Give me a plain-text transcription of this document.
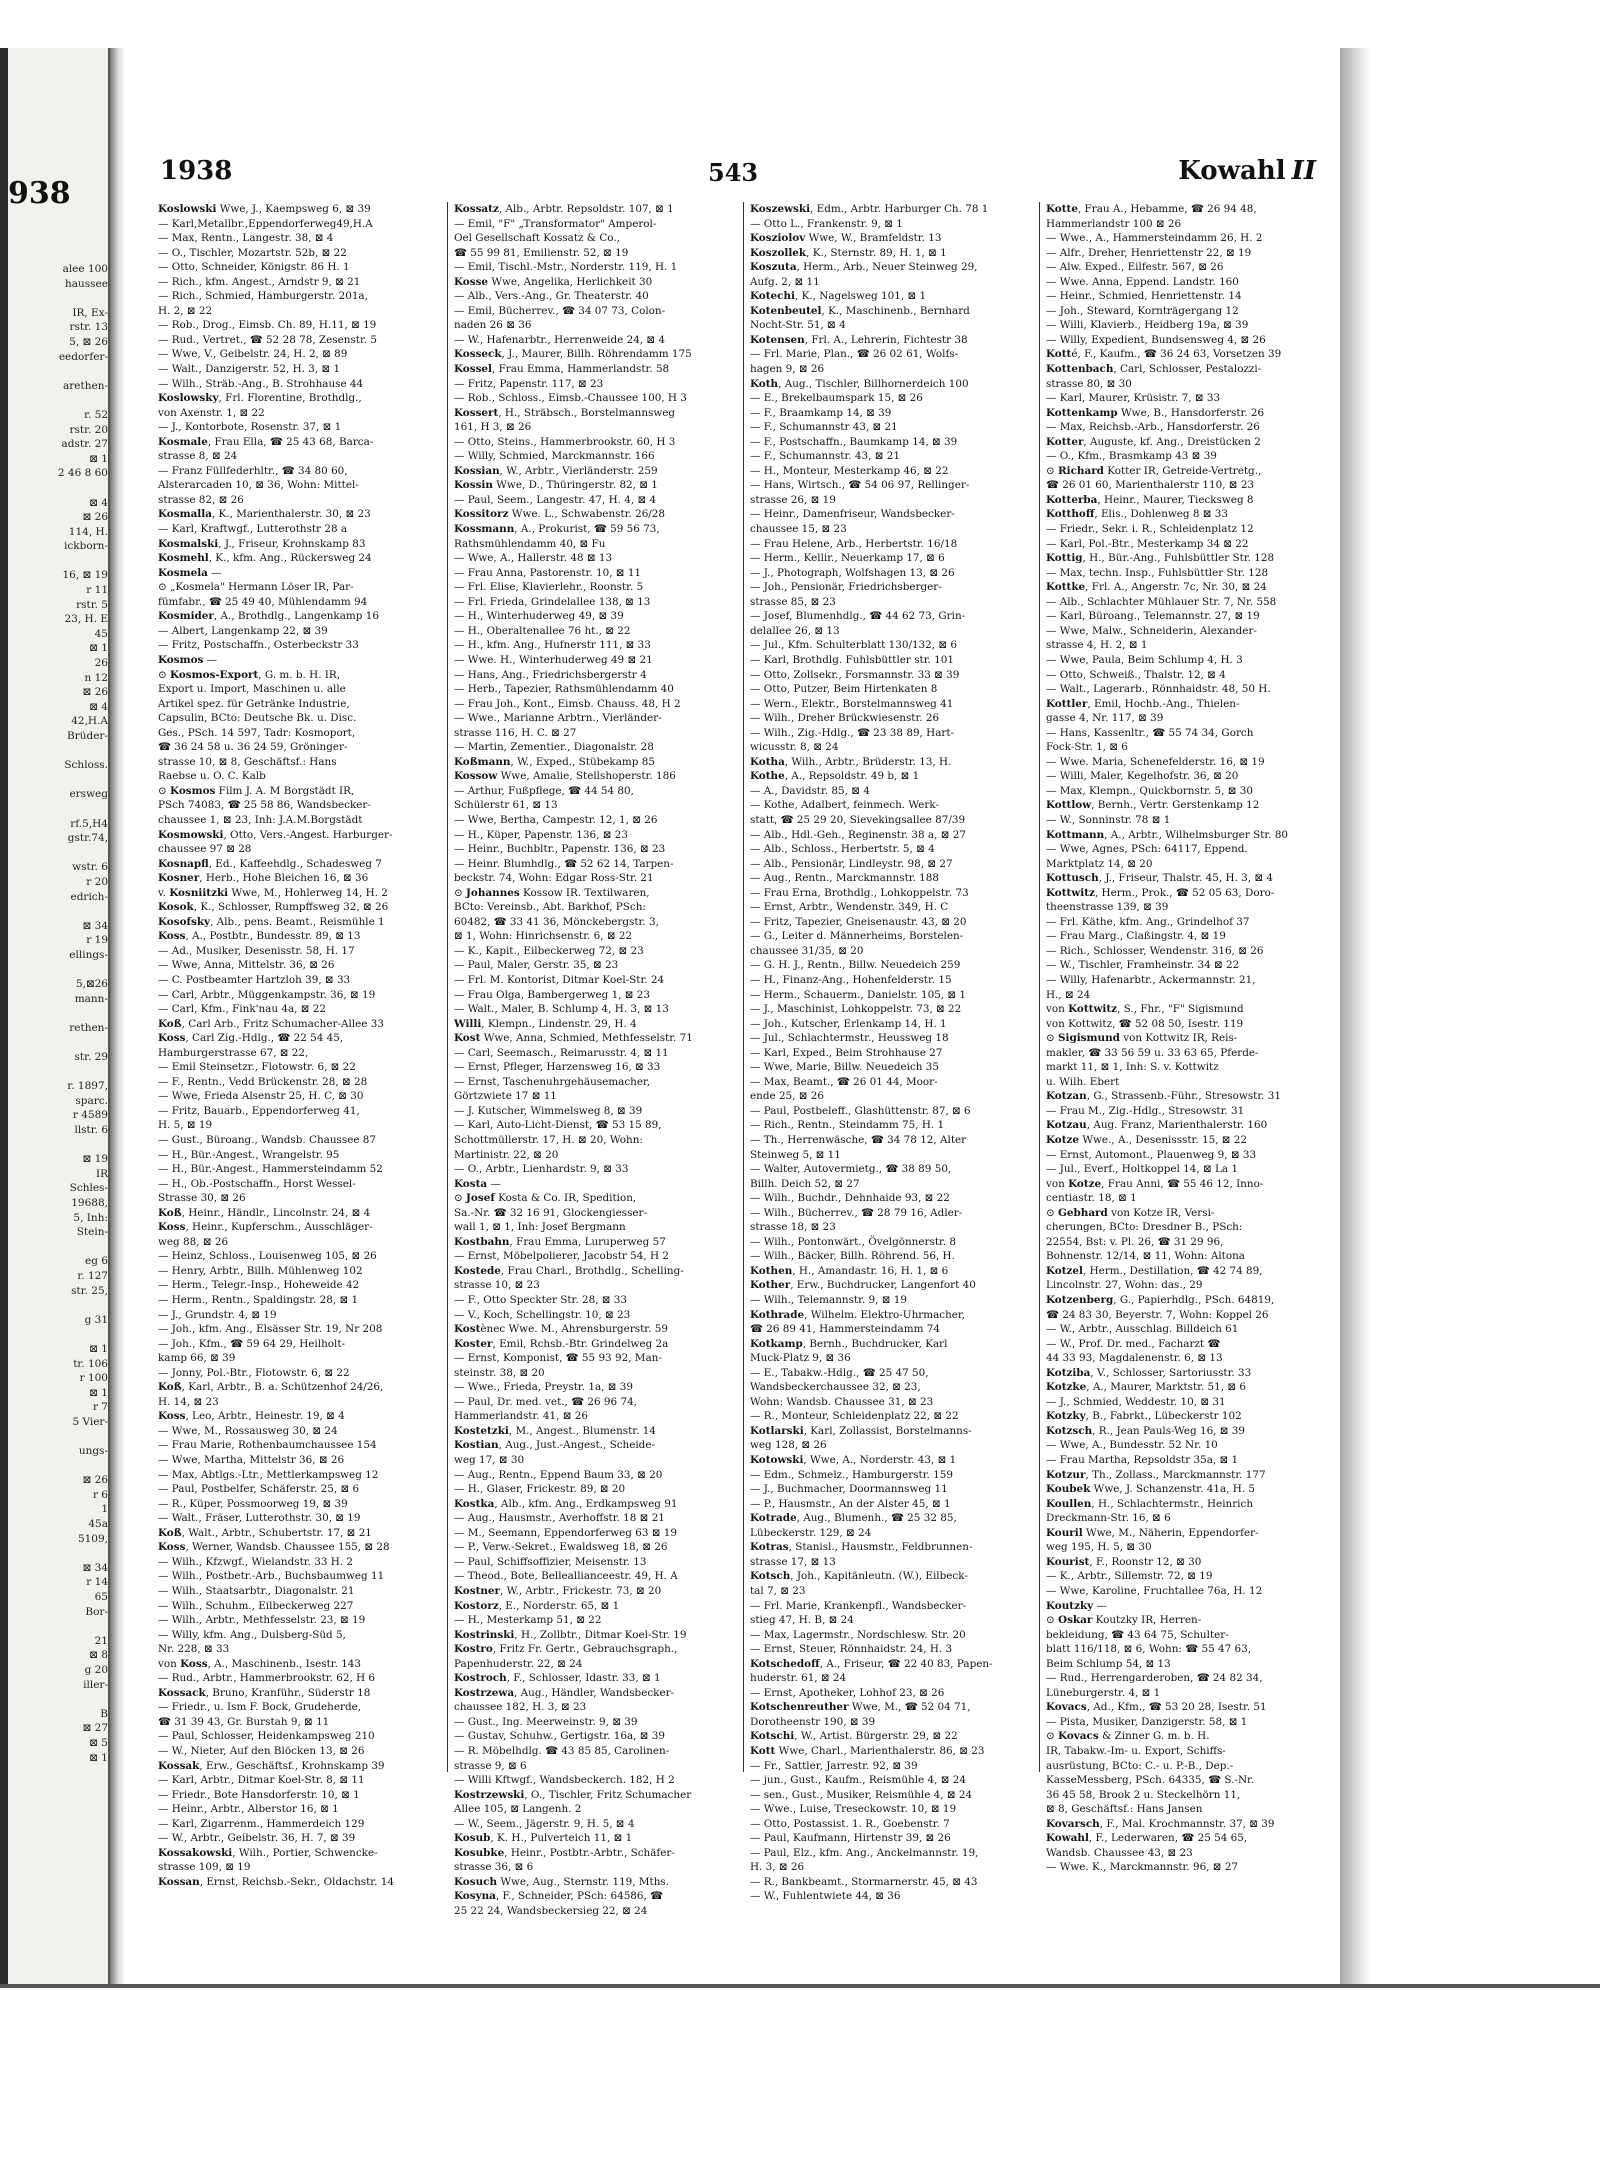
938
alee 100
haussee
IR, Ex-
rstr. 13
5, ⊠ 26
eedorfer-
arethen-
r. 52
rstr. 20
adstr. 27
⊠ 1
2 46 8 60
⊠ 4
⊠ 26
114, H.
ickborn-
16, ⊠ 19
r 11
rstr. 5
23, H. E
45
⊠ 1
26
n 12
⊠ 26
⊠ 4
42,H.A
Brüder-
Schloss.
ersweg
rf.5,H4
gstr.74,
wstr. 6
r 20
edrich-
⊠ 34
r 19
ellings-
5,⊠26
mann-
rethen-
str. 29
r. 1897,
sparc.
r 4589
llstr. 6
⊠ 19
IR
Schles-
19688,
5, Inh:
Stein-
eg 6
r. 127
str. 25,
g 31
⊠ 1
tr. 106
r 100
⊠ 1
r 7
5 Vier-
ungs-
⊠ 26
r 6
1
45a
5109,
⊠ 34
r 14
65
Bor-
21
⊠ 8
g 20
iller-
B
⊠ 27
⊠ 5
⊠ 1
1938	543	Kowahl II
Koslowski Wwe, J., Kaempsweg 6, ⊠ 39
— Karl,Metallbr.,Eppendorferweg49,H.A
— Max, Rentn., Langestr. 38, ⊠ 4
— O., Tischler, Mozartstr. 52b, ⊠ 22
— Otto, Schneider, Königstr. 86 H. 1
— Rich., kfm. Angest., Arndstr 9, ⊠ 21
— Rich., Schmied, Hamburgerstr. 201a,
H. 2, ⊠ 22
— Rob., Drog., Eimsb. Ch. 89, H.11, ⊠ 19
— Rud., Vertret., ☎ 52 28 78, Zesenstr. 5
— Wwe, V., Geibelstr. 24, H. 2, ⊠ 89
— Walt., Danzigerstr. 52, H. 3, ⊠ 1
— Wilh., Sträb.-Ang., B. Strohhause 44
Koslowsky, Frl. Florentine, Brothdlg.,
von Axenstr. 1, ⊠ 22
— J., Kontorbote, Rosenstr. 37, ⊠ 1
Kosmale, Frau Ella, ☎ 25 43 68, Barca-
strasse 8, ⊠ 24
— Franz Füllfederhltr., ☎ 34 80 60,
Alsterarcaden 10, ⊠ 36, Wohn: Mittel-
strasse 82, ⊠ 26
Kosmalla, K., Marienthalerstr. 30, ⊠ 23
— Karl, Kraftwgf., Lutterothstr 28 a
Kosmalski, J., Friseur, Krohnskamp 83
Kosmehl, K., kfm. Ang., Rückersweg 24
Kosmela —
⊙ „Kosmela" Hermann Löser IR, Par-
fümfabr., ☎ 25 49 40, Mühlendamm 94
Kosmider, A., Brothdlg., Langenkamp 16
— Albert, Langenkamp 22, ⊠ 39
— Fritz, Postschaffn., Osterbeckstr 33
Kosmos —
⊙ Kosmos-Export, G. m. b. H. IR,
Export u. Import, Maschinen u. alle
Artikel spez. für Getränke Industrie,
Capsulin, BCto: Deutsche Bk. u. Disc.
Ges., PSch. 14 597, Tadr: Kosmoport,
☎ 36 24 58 u. 36 24 59, Gröninger-
strasse 10, ⊠ 8, Geschäftsf.: Hans
Raebse u. O. C. Kalb
⊙ Kosmos Film J. A. M Borgstädt IR,
PSch 74083, ☎ 25 58 86, Wandsbecker-
chaussee 1, ⊠ 23, Inh: J.A.M.Borgstädt
Kosmowski, Otto, Vers.-Angest. Harburger-
chaussee 97 ⊠ 28
Kosnapfl, Ed., Kaffeehdlg., Schadesweg 7
Kosner, Herb., Hohe Bleichen 16, ⊠ 36
v. Kosniitzki Wwe, M., Hohlerweg 14, H. 2
Kosok, K., Schlosser, Rumpffsweg 32, ⊠ 26
Kosofsky, Alb., pens. Beamt., Reismühle 1
Koss, A., Postbtr., Bundesstr. 89, ⊠ 13
— Ad., Musiker, Desenisstr. 58, H. 17
— Wwe, Anna, Mittelstr. 36, ⊠ 26
— C. Postbeamter Hartzloh 39, ⊠ 33
— Carl, Arbtr., Müggenkampstr. 36, ⊠ 19
— Carl, Kfm., Fink'nau 4a, ⊠ 22
Koß, Carl Arb., Fritz Schumacher-Allee 33
Koss, Carl Zig.-Hdlg., ☎ 22 54 45,
Hamburgerstrasse 67, ⊠ 22,
— Emil Steinsetzr., Flotowstr. 6, ⊠ 22
— F., Rentn., Vedd Brückenstr. 28, ⊠ 28
— Wwe, Frieda Alsenstr 25, H. C, ⊠ 30
— Fritz, Bauarb., Eppendorferweg 41,
H. 5, ⊠ 19
— Gust., Büroang., Wandsb. Chaussee 87
— H., Bür.-Angest., Wrangelstr. 95
— H., Bür.-Angest., Hammersteindamm 52
— H., Ob.-Postschaffn., Horst Wessel-
Strasse 30, ⊠ 26
Koß, Heinr., Händlr., Lincolnstr. 24, ⊠ 4
Koss, Heinr., Kupferschm., Ausschläger-
weg 88, ⊠ 26
— Heinz, Schloss., Louisenweg 105, ⊠ 26
— Henry, Arbtr., Billh. Mühlenweg 102
— Herm., Telegr.-Insp., Hoheweide 42
— Herm., Rentn., Spaldingstr. 28, ⊠ 1
— J., Grundstr. 4, ⊠ 19
— Joh., kfm. Ang., Elsässer Str. 19, Nr 208
— Joh., Kfm., ☎ 59 64 29, Heilholt-
kamp 66, ⊠ 39
— Jonny, Pol.-Btr., Flotowstr. 6, ⊠ 22
Koß, Karl, Arbtr., B. a. Schützenhof 24/26,
H. 14, ⊠ 23
Koss, Leo, Arbtr., Heinestr. 19, ⊠ 4
— Wwe, M., Rossausweg 30, ⊠ 24
— Frau Marie, Rothenbaumchaussee 154
— Wwe, Martha, Mittelstr 36, ⊠ 26
— Max, Abtlgs.-Ltr., Mettlerkampsweg 12
— Paul, Postbelfer, Schäferstr. 25, ⊠ 6
— R., Küper, Possmoorweg 19, ⊠ 39
— Walt., Fräser, Lutterothstr. 30, ⊠ 19
Koß, Walt., Arbtr., Schubertstr. 17, ⊠ 21
Koss, Werner, Wandsb. Chaussee 155, ⊠ 28
— Wilh., Kfzwgf., Wielandstr. 33 H. 2
— Wilh., Postbetr.-Arb., Buchsbaumweg 11
— Wilh., Staatsarbtr., Diagonalstr. 21
— Wilh., Schuhm., Eilbeckerweg 227
— Wilh., Arbtr., Methfesselstr. 23, ⊠ 19
— Willy, kfm. Ang., Dulsberg-Süd 5,
Nr. 228, ⊠ 33
von Koss, A., Maschinenb., Isestr. 143
— Rud., Arbtr., Hammerbrookstr. 62, H 6
Kossack, Bruno, Kranführ., Süderstr 18
— Friedr., u. Ism F. Bock, Grudeherde,
☎ 31 39 43, Gr. Burstah 9, ⊠ 11
— Paul, Schlosser, Heidenkampsweg 210
— W., Nieter, Auf den Blöcken 13, ⊠ 26
Kossak, Erw., Geschäftsf., Krohnskamp 39
— Karl, Arbtr., Ditmar Koel-Str. 8, ⊠ 11
— Friedr., Bote Hansdorferstr. 10, ⊠ 1
— Heinr., Arbtr., Alberstor 16, ⊠ 1
— Karl, Zigarrenm., Hammerdeich 129
— W., Arbtr., Geibelstr. 36, H. 7, ⊠ 39
Kossakowski, Wilh., Portier, Schwencke-
strasse 109, ⊠ 19
Kossan, Ernst, Reichsb.-Sekr., Oldachstr. 14
Kossatz, Alb., Arbtr. Repsoldstr. 107, ⊠ 1
— Emil, "F" „Transformator" Amperol-
Oel Gesellschaft Kossatz & Co.,
☎ 55 99 81, Emilienstr. 52, ⊠ 19
— Emil, Tischl.-Mstr., Norderstr. 119, H. 1
Kosse Wwe, Angelika, Herlichkeit 30
— Alb., Vers.-Ang., Gr. Theaterstr. 40
— Emil, Bücherrev., ☎ 34 07 73, Colon-
naden 26 ⊠ 36
— W., Hafenarbtr., Herrenweide 24, ⊠ 4
Kosseck, J., Maurer, Billh. Röhrendamm 175
Kossel, Frau Emma, Hammerlandstr. 58
— Fritz, Papenstr. 117, ⊠ 23
— Rob., Schloss., Eimsb.-Chaussee 100, H 3
Kossert, H., Sträbsch., Borstelmannsweg
161, H 3, ⊠ 26
— Otto, Steins., Hammerbrookstr. 60, H 3
— Willy, Schmied, Marckmannstr. 166
Kossian, W., Arbtr., Vierländerstr. 259
Kossin Wwe, D., Thüringerstr. 82, ⊠ 1
— Paul, Seem., Langestr. 47, H. 4, ⊠ 4
Kossitorz Wwe. L., Schwabenstr. 26/28
Kossmann, A., Prokurist, ☎ 59 56 73,
Rathsmühlendamm 40, ⊠ Fu
— Wwe, A., Hallerstr. 48 ⊠ 13
— Frau Anna, Pastorenstr. 10, ⊠ 11
— Frl. Elise, Klavierlehr., Roonstr. 5
— Frl. Frieda, Grindelallee 138, ⊠ 13
— H., Winterhuderweg 49, ⊠ 39
— H., Oberaltenallee 76 ht., ⊠ 22
— H., kfm. Ang., Hufnerstr 111, ⊠ 33
— Wwe. H., Winterhuderweg 49 ⊠ 21
— Hans, Ang., Friedrichsbergerstr 4
— Herb., Tapezier, Rathsmühlendamm 40
— Frau Joh., Kont., Eimsb. Chauss. 48, H 2
— Wwe., Marianne Arbtrn., Vierländer-
strasse 116, H. C. ⊠ 27
— Martin, Zementier., Diagonalstr. 28
Koßmann, W., Exped., Stübekamp 85
Kossow Wwe, Amalie, Stellshoperstr. 186
— Arthur, Fußpflege, ☎ 44 54 80,
Schülerstr 61, ⊠ 13
— Wwe, Bertha, Campestr. 12, 1, ⊠ 26
— H., Küper, Papenstr. 136, ⊠ 23
— Heinr., Buchbltr., Papenstr. 136, ⊠ 23
— Heinr. Blumhdlg., ☎ 52 62 14, Tarpen-
beckstr. 74, Wohn: Edgar Ross-Str. 21
⊙ Johannes Kossow IR. Textilwaren,
BCto: Vereinsb., Abt. Barkhof, PSch:
60482, ☎ 33 41 36, Mönckebergstr. 3,
⊠ 1, Wohn: Hinrichsenstr. 6, ⊠ 22
— K., Kapit., Eilbeckerweg 72, ⊠ 23
— Paul, Maler, Gerstr. 35, ⊠ 23
— Frl. M. Kontorist, Ditmar Koel-Str. 24
— Frau Olga, Bambergerweg 1, ⊠ 23
— Walt., Maler, B. Schlump 4, H. 3, ⊠ 13
Willi, Klempn., Lindenstr. 29, H. 4
Kost Wwe, Anna, Schmied, Methfesselstr. 71
— Carl, Seemasch., Reimarusstr. 4, ⊠ 11
— Ernst, Pfleger, Harzensweg 16, ⊠ 33
— Ernst, Taschenuhrgehäusemacher,
Görtzwiete 17 ⊠ 11
— J. Kutscher, Wimmelsweg 8, ⊠ 39
— Karl, Auto-Licht-Dienst, ☎ 53 15 89,
Schottmüllerstr. 17, H. ⊠ 20, Wohn:
Martinistr. 22, ⊠ 20
— O., Arbtr., Lienhardstr. 9, ⊠ 33
Kosta —
⊙ Josef Kosta & Co. IR, Spedition,
Sa.-Nr. ☎ 32 16 91, Glockengiesser-
wall 1, ⊠ 1, Inh: Josef Bergmann
Kostbahn, Frau Emma, Luruperweg 57
— Ernst, Möbelpolierer, Jacobstr 54, H 2
Kostede, Frau Charl., Brothdlg., Schelling-
strasse 10, ⊠ 23
— F., Otto Speckter Str. 28, ⊠ 33
— V., Koch, Schellingstr. 10, ⊠ 23
Kostènec Wwe. M., Ahrensburgerstr. 59
Koster, Emil, Rchsb.-Btr. Grindelweg 2a
— Ernst, Komponist, ☎ 55 93 92, Man-
steinstr. 38, ⊠ 20
— Wwe., Frieda, Preystr. 1a, ⊠ 39
— Paul, Dr. med. vet., ☎ 26 96 74,
Hammerlandstr. 41, ⊠ 26
Kostetzki, M., Angest., Blumenstr. 14
Kostian, Aug., Just.-Angest., Scheide-
weg 17, ⊠ 30
— Aug., Rentn., Eppend Baum 33, ⊠ 20
— H., Glaser, Frickestr. 89, ⊠ 20
Kostka, Alb., kfm. Ang., Erdkampsweg 91
— Aug., Hausmstr., Averhoffstr. 18 ⊠ 21
— M., Seemann, Eppendorferweg 63 ⊠ 19
— P., Verw.-Sekret., Ewaldsweg 18, ⊠ 26
— Paul, Schiffsoffizier, Meisenstr. 13
— Theod., Bote, Belleallianceestr. 49, H. A
Kostner, W., Arbtr., Frickestr. 73, ⊠ 20
Kostorz, E., Norderstr. 65, ⊠ 1
— H., Mesterkamp 51, ⊠ 22
Kostrinski, H., Zollbtr., Ditmar Koel-Str. 19
Kostro, Fritz Fr. Gertr., Gebrauchsgraph.,
Papenhuderstr. 22, ⊠ 24
Kostroch, F., Schlosser, Idastr. 33, ⊠ 1
Kostrzewa, Aug., Händler, Wandsbecker-
chaussee 182, H. 3, ⊠ 23
— Gust., Ing. Meerweinstr. 9, ⊠ 39
— Gustav, Schuhw., Gertigstr. 16a, ⊠ 39
— R. Möbelhdlg. ☎ 43 85 85, Carolinen-
strasse 9, ⊠ 6
— Willi Kftwgf., Wandsbeckerch. 182, H 2
Kostrzewski, O., Tischler, Fritz Schumacher
Allee 105, ⊠ Langenh. 2
— W., Seem., Jägerstr. 9, H. 5, ⊠ 4
Kosub, K. H., Pulverteich 11, ⊠ 1
Kosubke, Heinr., Postbtr.-Arbtr., Schäfer-
strasse 36, ⊠ 6
Kosuch Wwe, Aug., Sternstr. 119, Mths.
Kosyna, F., Schneider, PSch: 64586, ☎
25 22 24, Wandsbeckersieg 22, ⊠ 24
Koszewski, Edm., Arbtr. Harburger Ch. 78 1
— Otto L., Frankenstr. 9, ⊠ 1
Kosziolov Wwe, W., Bramfeldstr. 13
Koszollek, K., Sternstr. 89, H. 1, ⊠ 1
Koszuta, Herm., Arb., Neuer Steinweg 29,
Aufg. 2, ⊠ 11
Kotechi, K., Nagelsweg 101, ⊠ 1
Kotenbeutel, K., Maschinenb., Bernhard
Nocht-Str. 51, ⊠ 4
Kotensen, Frl. A., Lehrerin, Fichtestr 38
— Frl. Marie, Plan., ☎ 26 02 61, Wolfs-
hagen 9, ⊠ 26
Koth, Aug., Tischler, Billhornerdeich 100
— E., Brekelbaumspark 15, ⊠ 26
— F., Braamkamp 14, ⊠ 39
— F., Schumannstr 43, ⊠ 21
— F., Postschaffn., Baumkamp 14, ⊠ 39
— F., Schumannstr. 43, ⊠ 21
— H., Monteur, Mesterkamp 46, ⊠ 22
— Hans, Wirtsch., ☎ 54 06 97, Rellinger-
strasse 26, ⊠ 19
— Heinr., Damenfriseur, Wandsbecker-
chaussee 15, ⊠ 23
— Frau Helene, Arb., Herbertstr. 16/18
— Herm., Kellir., Neuerkamp 17, ⊠ 6
— J., Photograph, Wolfshagen 13, ⊠ 26
— Joh., Pensionär, Friedrichsberger-
strasse 85, ⊠ 23
— Josef, Blumenhdlg., ☎ 44 62 73, Grin-
delallee 26, ⊠ 13
— Jul., Kfm. Schulterblatt 130/132, ⊠ 6
— Karl, Brothdlg. Fuhlsbüttler str. 101
— Otto, Zollsekr., Forsmannstr. 33 ⊠ 39
— Otto, Putzer, Beim Hirtenkaten 8
— Wern., Elektr., Borstelmannsweg 41
— Wilh., Dreher Brückwiesenstr. 26
— Wilh., Zig.-Hdlg., ☎ 23 38 89, Hart-
wicusstr. 8, ⊠ 24
Kotha, Wilh., Arbtr., Brüderstr. 13, H.
Kothe, A., Repsoldstr. 49 b, ⊠ 1
— A., Davidstr. 85, ⊠ 4
— Kothe, Adalbert, feinmech. Werk-
statt, ☎ 25 29 20, Sievekingsallee 87/39
— Alb., Hdl.-Geh., Reginenstr. 38 a, ⊠ 27
— Alb., Schloss., Herbertstr. 5, ⊠ 4
— Alb., Pensionär, Lindleystr. 98, ⊠ 27
— Aug., Rentn., Marckmannstr. 188
— Frau Erna, Brothdlg., Lohkoppelstr. 73
— Ernst, Arbtr., Wendenstr. 349, H. C
— Fritz, Tapezier, Gneisenaustr. 43, ⊠ 20
— G., Leiter d. Männerheims, Borstelen-
chaussee 31/35, ⊠ 20
— G. H. J., Rentn., Billw. Neuedeich 259
— H., Finanz-Ang., Hohenfelderstr. 15
— Herm., Schauerm., Danielstr. 105, ⊠ 1
— J., Maschinist, Lohkoppelstr. 73, ⊠ 22
— Joh., Kutscher, Erlenkamp 14, H. 1
— Jul., Schlachtermstr., Heussweg 18
— Karl, Exped., Beim Strohhause 27
— Wwe, Marie, Billw. Neuedeich 35
— Max, Beamt., ☎ 26 01 44, Moor-
ende 25, ⊠ 26
— Paul, Postbeleff., Glashüttenstr. 87, ⊠ 6
— Rich., Rentn., Steindamm 75, H. 1
— Th., Herrenwäsche, ☎ 34 78 12, Alter
Steinweg 5, ⊠ 11
— Walter, Autovermietg., ☎ 38 89 50,
Billh. Deich 52, ⊠ 27
— Wilh., Buchdr., Dehnhaide 93, ⊠ 22
— Wilh., Bücherrev., ☎ 28 79 16, Adler-
strasse 18, ⊠ 23
— Wilh., Pontonwärt., Övelgönnerstr. 8
— Wilh., Bäcker, Billh. Röhrend. 56, H.
Kothen, H., Amandastr. 16, H. 1, ⊠ 6
Kother, Erw., Buchdrucker, Langenfort 40
— Wilh., Telemannstr. 9, ⊠ 19
Kothrade, Wilhelm. Elektro-Uhrmacher,
☎ 26 89 41, Hammersteindamm 74
Kotkamp, Bernh., Buchdrucker, Karl
Muck-Platz 9, ⊠ 36
— E., Tabakw.-Hdlg., ☎ 25 47 50,
Wandsbeckerchaussee 32, ⊠ 23,
Wohn: Wandsb. Chaussee 31, ⊠ 23
— R., Monteur, Schleidenplatz 22, ⊠ 22
Kotlarski, Karl, Zollassist, Borstelmanns-
weg 128, ⊠ 26
Kotowski, Wwe, A., Norderstr. 43, ⊠ 1
— Edm., Schmelz., Hamburgerstr. 159
— J., Buchmacher, Doormannsweg 11
— P., Hausmstr., An der Alster 45, ⊠ 1
Kotrade, Aug., Blumenh., ☎ 25 32 85,
Lübeckerstr. 129, ⊠ 24
Kotras, Stanisl., Hausmstr., Feldbrunnen-
strasse 17, ⊠ 13
Kotsch, Joh., Kapitänleutn. (W.), Eilbeck-
tal 7, ⊠ 23
— Frl. Marie, Krankenpfl., Wandsbecker-
stieg 47, H. B, ⊠ 24
— Max, Lagermstr., Nordschlesw. Str. 20
— Ernst, Steuer, Rönnhaidstr. 24, H. 3
Kotschedoff, A., Friseur, ☎ 22 40 83, Papen-
huderstr. 61, ⊠ 24
— Ernst, Apotheker, Lohhof 23, ⊠ 26
Kotschenreuther Wwe, M., ☎ 52 04 71,
Dorotheenstr 190, ⊠ 39
Kotschi, W., Artist. Bürgerstr. 29, ⊠ 22
Kott Wwe, Charl., Marienthalerstr. 86, ⊠ 23
— Fr., Sattler, Jarrestr. 92, ⊠ 39
— jun., Gust., Kaufm., Reismühle 4, ⊠ 24
— sen., Gust., Musiker, Reismühle 4, ⊠ 24
— Wwe., Luise, Treseckowstr. 10, ⊠ 19
— Otto, Postassist. 1. R., Goebenstr. 7
— Paul, Kaufmann, Hirtenstr 39, ⊠ 26
— Paul, Elz., kfm. Ang., Anckelmannstr. 19,
H. 3, ⊠ 26
— R., Bankbeamt., Stormarnerstr. 45, ⊠ 43
— W., Fuhlentwiete 44, ⊠ 36
Kotte, Frau A., Hebamme, ☎ 26 94 48,
Hammerlandstr 100 ⊠ 26
— Wwe., A., Hammersteindamm 26, H. 2
— Alfr., Dreher, Henriettenstr 22, ⊠ 19
— Alw. Exped., Eilfestr. 567, ⊠ 26
— Wwe. Anna, Eppend. Landstr. 160
— Heinr., Schmied, Henriettenstr. 14
— Joh., Steward, Kornträgergang 12
— Willi, Klavierb., Heidberg 19a, ⊠ 39
— Willy, Expedient, Bundsensweg 4, ⊠ 26
Kotté, F., Kaufm., ☎ 36 24 63, Vorsetzen 39
Kottenbach, Carl, Schlosser, Pestalozzi-
strasse 80, ⊠ 30
— Karl, Maurer, Krüsistr. 7, ⊠ 33
Kottenkamp Wwe, B., Hansdorferstr. 26
— Max, Reichsb.-Arb., Hansdorferstr. 26
Kotter, Auguste, kf. Ang., Dreistücken 2
— O., Kfm., Brasmkamp 43 ⊠ 39
⊙ Richard Kotter IR, Getreide-Vertretg.,
☎ 26 01 60, Marienthalerstr 110, ⊠ 23
Kotterba, Heinr., Maurer, Tiecksweg 8
Kotthoff, Elis., Dohlenweg 8 ⊠ 33
— Friedr., Sekr. i. R., Schleidenplatz 12
— Karl, Pol.-Btr., Mesterkamp 34 ⊠ 22
Kottig, H., Bür.-Ang., Fuhlsbüttler Str. 128
— Max, techn. Insp., Fuhlsbüttler Str. 128
Kottke, Frl. A., Angerstr. 7c, Nr. 30, ⊠ 24
— Alb., Schlachter Mühlauer Str. 7, Nr. 558
— Karl, Büroang., Telemannstr. 27, ⊠ 19
— Wwe, Malw., Schneiderin, Alexander-
strasse 4, H. 2, ⊠ 1
— Wwe, Paula, Beim Schlump 4, H. 3
— Otto, Schweiß., Thalstr. 12, ⊠ 4
— Walt., Lagerarb., Rönnhaidstr. 48, 50 H.
Kottler, Emil, Hochb.-Ang., Thielen-
gasse 4, Nr. 117, ⊠ 39
— Hans, Kassenltr., ☎ 55 74 34, Gorch
Fock-Str. 1, ⊠ 6
— Wwe. Maria, Schenefelderstr. 16, ⊠ 19
— Willi, Maler, Kegelhofstr. 36, ⊠ 20
— Max, Klempn., Quickbornstr. 5, ⊠ 30
Kottlow, Bernh., Vertr. Gerstenkamp 12
— W., Sonninstr. 78 ⊠ 1
Kottmann, A., Arbtr., Wilhelmsburger Str. 80
— Wwe, Agnes, PSch: 64117, Eppend.
Marktplatz 14, ⊠ 20
Kottusch, J., Friseur, Thalstr. 45, H. 3, ⊠ 4
Kottwitz, Herm., Prok., ☎ 52 05 63, Doro-
theenstrasse 139, ⊠ 39
— Frl. Käthe, kfm. Ang., Grindelhof 37
— Frau Marg., Claßingstr. 4, ⊠ 19
— Rich., Schlosser, Wendenstr. 316, ⊠ 26
— W., Tischler, Framheinstr. 34 ⊠ 22
— Willy, Hafenarbtr., Ackermannstr. 21,
H., ⊠ 24
von Kottwitz, S., Fhr., "F" Sigismund
von Kottwitz, ☎ 52 08 50, Isestr. 119
⊙ Sigismund von Kottwitz IR, Reis-
makler, ☎ 33 56 59 u. 33 63 65, Pferde-
markt 11, ⊠ 1, Inh: S. v. Kottwitz
u. Wilh. Ebert
Kotzan, G., Strassenb.-Führ., Stresowstr. 31
— Frau M., Zig.-Hdlg., Stresowstr. 31
Kotzau, Aug. Franz, Marienthalerstr. 160
Kotze Wwe., A., Desenissstr. 15, ⊠ 22
— Ernst, Automont., Plauenweg 9, ⊠ 33
— Jul., Everf., Holtkoppel 14, ⊠ La 1
von Kotze, Frau Anni, ☎ 55 46 12, Inno-
centiastr. 18, ⊠ 1
⊙ Gebhard von Kotze IR, Versi-
cherungen, BCto: Dresdner B., PSch:
22554, Bst: v. Pl. 26, ☎ 31 29 96,
Bohnenstr. 12/14, ⊠ 11, Wohn: Altona
Kotzel, Herm., Destillation, ☎ 42 74 89,
Lincolnstr. 27, Wohn: das., 29
Kotzenberg, G., Papierhdlg., PSch. 64819,
☎ 24 83 30, Beyerstr. 7, Wohn: Koppel 26
— W., Arbtr., Ausschlag. Billdeich 61
— W., Prof. Dr. med., Facharzt ☎
44 33 93, Magdalenenstr. 6, ⊠ 13
Kotziba, V., Schlosser, Sartoriusstr. 33
Kotzke, A., Maurer, Marktstr. 51, ⊠ 6
— J., Schmied, Weddestr. 10, ⊠ 31
Kotzky, B., Fabrkt., Lübeckerstr 102
Kotzsch, R., Jean Pauls-Weg 16, ⊠ 39
— Wwe, A., Bundesstr. 52 Nr. 10
— Frau Martha, Repsoldstr 35a, ⊠ 1
Kotzur, Th., Zollass., Marckmannstr. 177
Koubek Wwe, J. Schanzenstr. 41a, H. 5
Koullen, H., Schlachtermstr., Heinrich
Dreckmann-Str. 16, ⊠ 6
Kouril Wwe, M., Näherin, Eppendorfer-
weg 195, H. 5, ⊠ 30
Kourist, F., Roonstr 12, ⊠ 30
— K., Arbtr., Sillemstr. 72, ⊠ 19
— Wwe, Karoline, Fruchtallee 76a, H. 12
Koutzky —
⊙ Oskar Koutzky IR, Herren-
bekleidung, ☎ 43 64 75, Schulter-
blatt 116/118, ⊠ 6, Wohn: ☎ 55 47 63,
Beim Schlump 54, ⊠ 13
— Rud., Herrengarderoben, ☎ 24 82 34,
Lüneburgerstr. 4, ⊠ 1
Kovacs, Ad., Kfm., ☎ 53 20 28, Isestr. 51
— Pista, Musiker, Danzigerstr. 58, ⊠ 1
⊙ Kovacs & Zinner G. m. b. H.
IR, Tabakw.-Im- u. Export, Schiffs-
ausrüstung, BCto: C.- u. P.-B., Dep.-
KasseMessberg, PSch. 64335, ☎ S.-Nr.
36 45 58, Brook 2 u. Steckelhörn 11,
⊠ 8, Geschäftsf.: Hans Jansen
Kovarsch, F., Mal. Krochmannstr. 37, ⊠ 39
Kowahl, F., Lederwaren, ☎ 25 54 65,
Wandsb. Chaussee 43, ⊠ 23
— Wwe. K., Marckmannstr. 96, ⊠ 27
